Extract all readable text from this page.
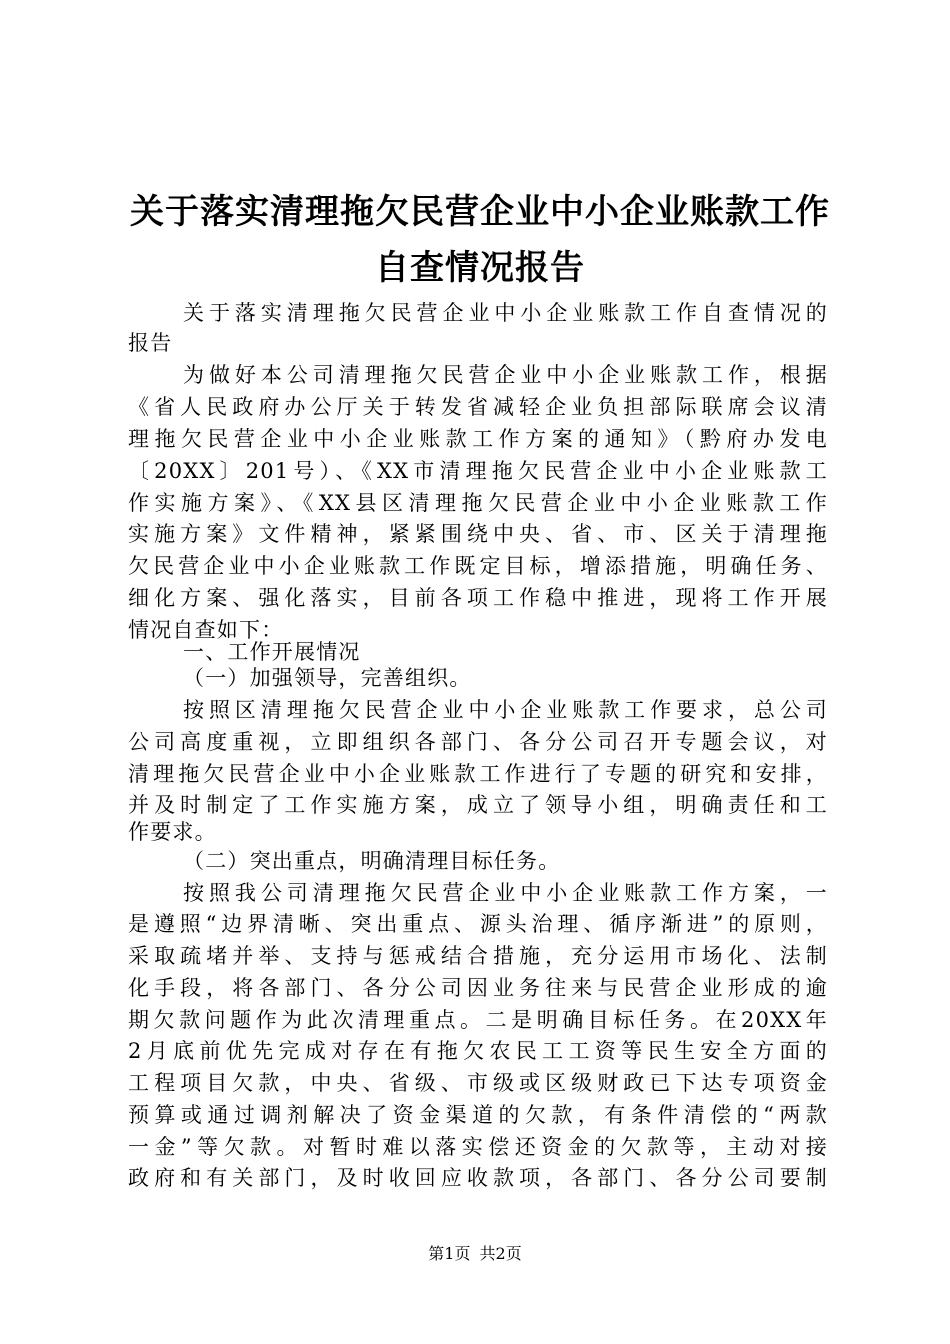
关于落实清理拖欠民营企业中小企业账款工作
自查情况报告
关于落实清理拖欠民营企业中小企业账款工作自查情况的
报告
为做好本公司清理拖欠民营企业中小企业账款工作，根据
《省人民政府办公厅关于转发省减轻企业负担部际联席会议清
理拖欠民营企业中小企业账款工作方案的通知》（黔府办发电
〔20XX〕201号）、《XX市清理拖欠民营企业中小企业账款工
作实施方案》、《XX县区清理拖欠民营企业中小企业账款工作
实施方案》文件精神，紧紧围绕中央、省、市、区关于清理拖
欠民营企业中小企业账款工作既定目标，增添措施，明确任务、
细化方案、强化落实，目前各项工作稳中推进，现将工作开展
情况自查如下：
一、工作开展情况
（一）加强领导，完善组织。
按照区清理拖欠民营企业中小企业账款工作要求，总公司
公司高度重视，立即组织各部门、各分公司召开专题会议，对
清理拖欠民营企业中小企业账款工作进行了专题的研究和安排，
并及时制定了工作实施方案，成立了领导小组，明确责任和工
作要求。
（二）突出重点，明确清理目标任务。
按照我公司清理拖欠民营企业中小企业账款工作方案，一
是遵照“边界清晰、突出重点、源头治理、循序渐进”的原则，
采取疏堵并举、支持与惩戒结合措施，充分运用市场化、法制
化手段，将各部门、各分公司因业务往来与民营企业形成的逾
期欠款问题作为此次清理重点。二是明确目标任务。在20XX年
2月底前优先完成对存在有拖欠农民工工资等民生安全方面的
工程项目欠款，中央、省级、市级或区级财政已下达专项资金
预算或通过调剂解决了资金渠道的欠款，有条件清偿的“两款
一金”等欠款。对暂时难以落实偿还资金的欠款等，主动对接
政府和有关部门，及时收回应收款项，各部门、各分公司要制
第1页 共2页
